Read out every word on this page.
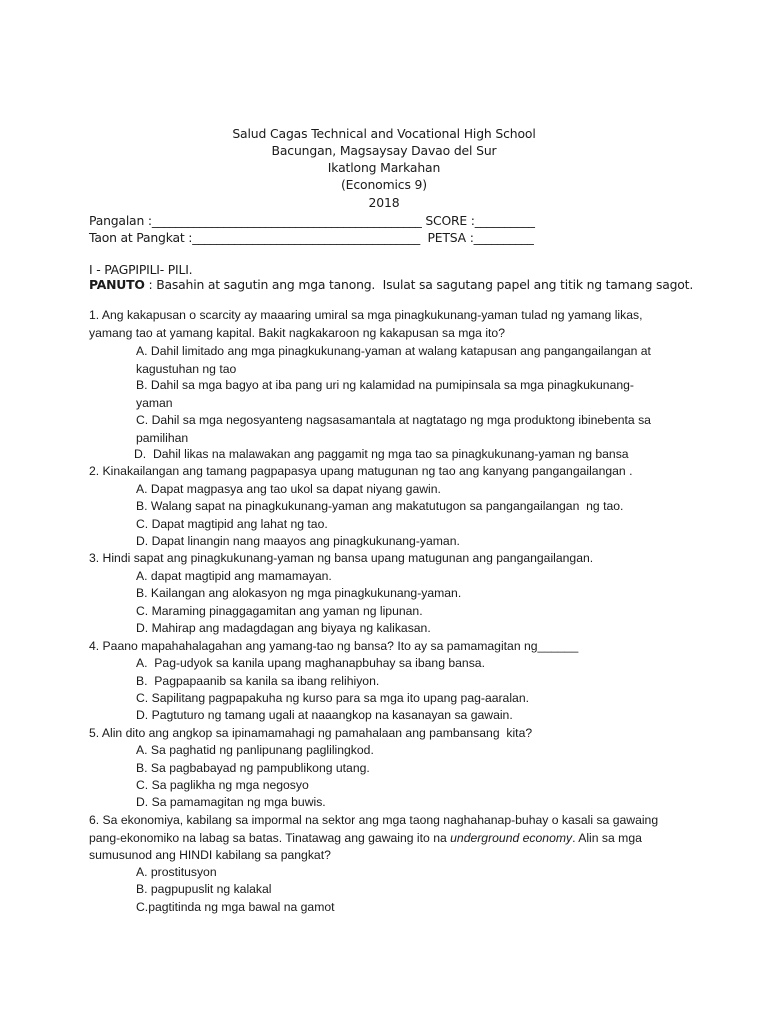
Salud Cagas Technical and Vocational High School
Bacungan, Magsaysay Davao del Sur
Ikatlong Markahan
(Economics 9)
2018
Pangalan :_____________________________________________ SCORE :__________
Taon at Pangkat :______________________________________  PETSA :__________
I - PAGPIPILI- PILI.
PANUTO : Basahin at sagutin ang mga tanong.  Isulat sa sagutang papel ang titik ng tamang sagot.
1. Ang kakapusan o scarcity ay maaaring umiral sa mga pinagkukunang-yaman tulad ng yamang likas, yamang tao at yamang kapital. Bakit nagkakaroon ng kakapusan sa mga ito?
A. Dahil limitado ang mga pinagkukunang-yaman at walang katapusan ang pangangailangan at kagustuhan ng tao
B. Dahil sa mga bagyo at iba pang uri ng kalamidad na pumipinsala sa mga pinagkukunang-yaman
C. Dahil sa mga negosyanteng nagsasamantala at nagtatago ng mga produktong ibinebenta sa pamilihan
D.  Dahil likas na malawakan ang paggamit ng mga tao sa pinagkukunang-yaman ng bansa
2. Kinakailangan ang tamang pagpapasya upang matugunan ng tao ang kanyang pangangailangan .
A. Dapat magpasya ang tao ukol sa dapat niyang gawin.
B. Walang sapat na pinagkukunang-yaman ang makatutugon sa pangangailangan  ng tao.
C. Dapat magtipid ang lahat ng tao.
D. Dapat linangin nang maayos ang pinagkukunang-yaman.
3. Hindi sapat ang pinagkukunang-yaman ng bansa upang matugunan ang pangangailangan.
A. dapat magtipid ang mamamayan.
B. Kailangan ang alokasyon ng mga pinagkukunang-yaman.
C. Maraming pinaggagamitan ang yaman ng lipunan.
D. Mahirap ang madagdagan ang biyaya ng kalikasan.
4. Paano mapahahalagahan ang yamang-tao ng bansa? Ito ay sa pamamagitan ng______
A.  Pag-udyok sa kanila upang maghanapbuhay sa ibang bansa.
B.  Pagpapaanib sa kanila sa ibang relihiyon.
C. Sapilitang pagpapakuha ng kurso para sa mga ito upang pag-aaralan.
D. Pagtuturo ng tamang ugali at naaangkop na kasanayan sa gawain.
5. Alin dito ang angkop sa ipinamamahagi ng pamahalaan ang pambansang  kita?
A. Sa paghatid ng panlipunang paglilingkod.
B. Sa pagbabayad ng pampublikong utang.
C. Sa paglikha ng mga negosyo
D. Sa pamamagitan ng mga buwis.
6. Sa ekonomiya, kabilang sa impormal na sektor ang mga taong naghahanap-buhay o kasali sa gawaing pang-ekonomiko na labag sa batas. Tinatawag ang gawaing ito na underground economy. Alin sa mga sumusunod ang HINDI kabilang sa pangkat?
A. prostitusyon
B. pagpupuslit ng kalakal
C.pagtitinda ng mga bawal na gamot
